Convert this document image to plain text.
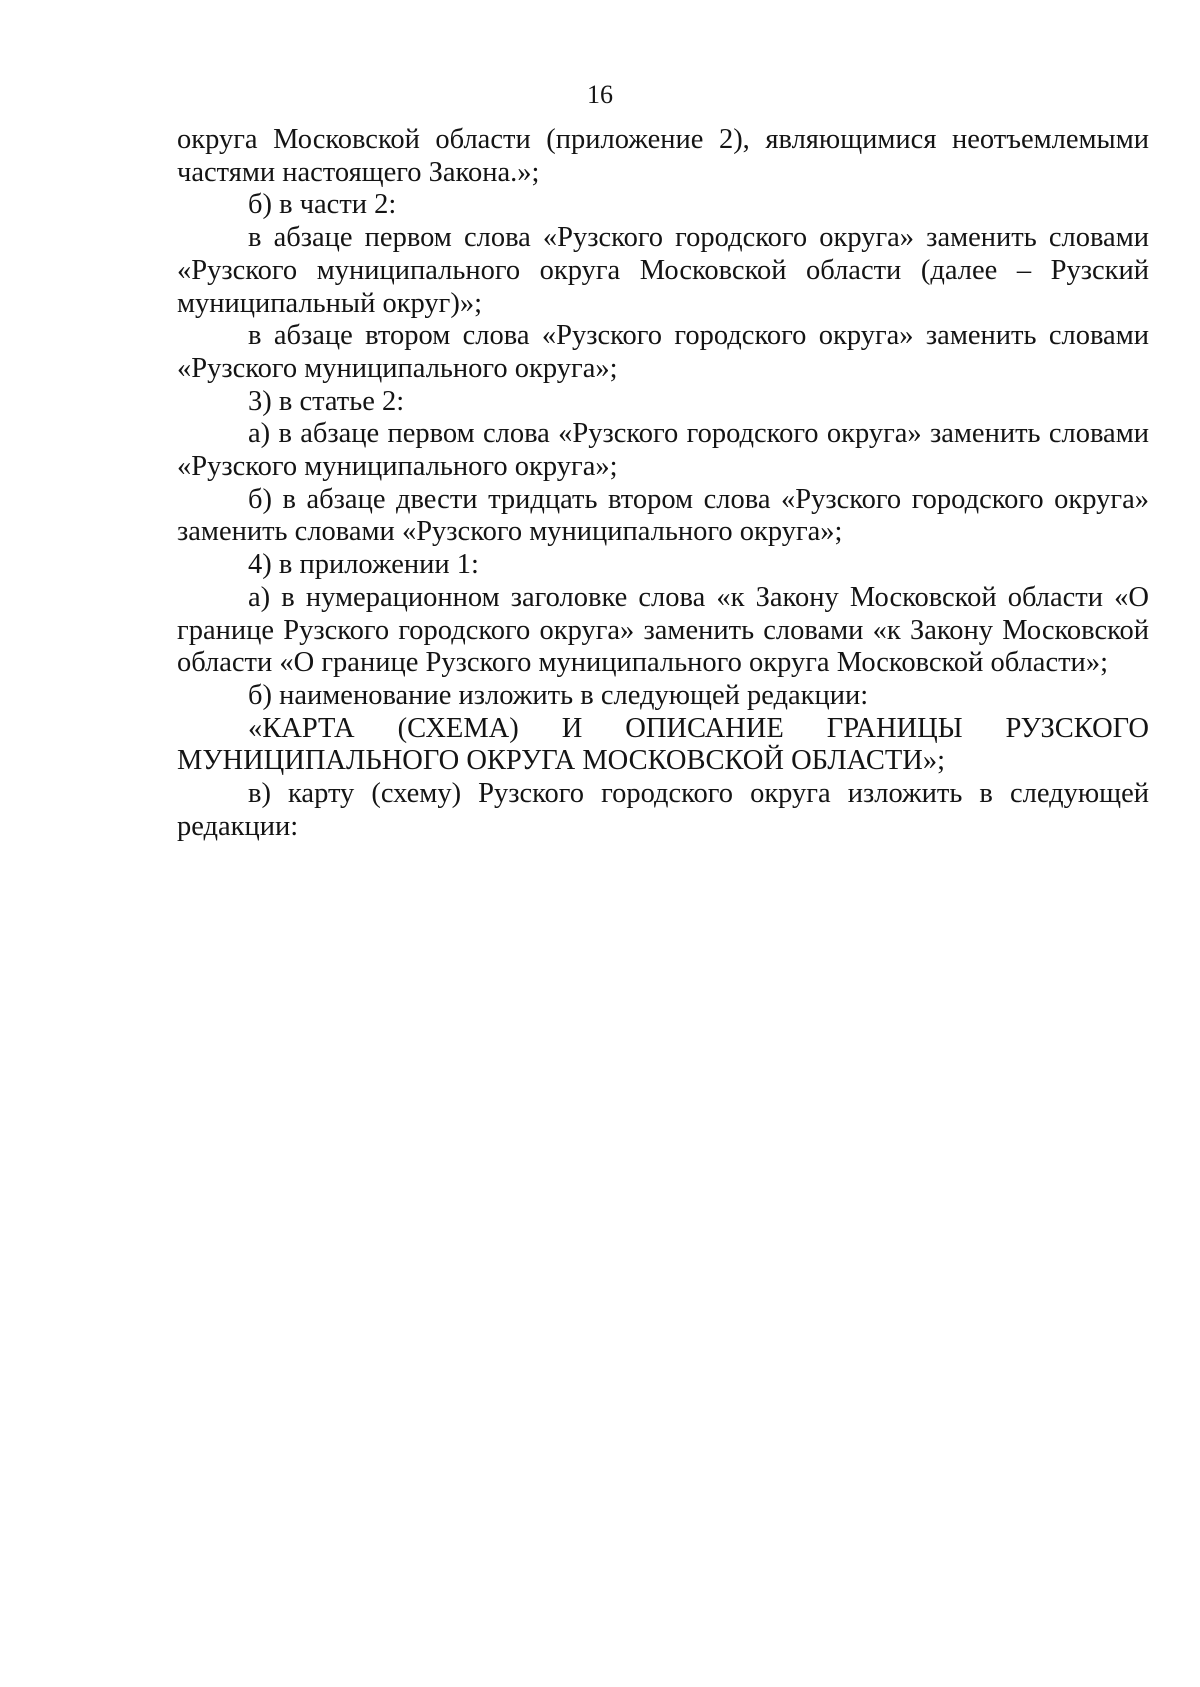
16

округа Московской области (приложение 2), являющимися неотъемлемыми частями настоящего Закона.»;

б) в части 2:

в абзаце первом слова «Рузского городского округа» заменить словами «Рузского муниципального округа Московской области (далее – Рузский муниципальный округ)»;

в абзаце втором слова «Рузского городского округа» заменить словами «Рузского муниципального округа»;

3) в статье 2:

а) в абзаце первом слова «Рузского городского округа» заменить словами «Рузского муниципального округа»;

б) в абзаце двести тридцать втором слова «Рузского городского округа» заменить словами «Рузского муниципального округа»;

4) в приложении 1:

а) в нумерационном заголовке слова «к Закону Московской области «О границе Рузского городского округа» заменить словами «к Закону Московской области «О границе Рузского муниципального округа Московской области»;

б) наименование изложить в следующей редакции:

«КАРТА (СХЕМА) И ОПИСАНИЕ ГРАНИЦЫ РУЗСКОГО

МУНИЦИПАЛЬНОГО ОКРУГА МОСКОВСКОЙ ОБЛАСТИ»;

в) карту (схему) Рузского городского округа изложить в следующей редакции:
